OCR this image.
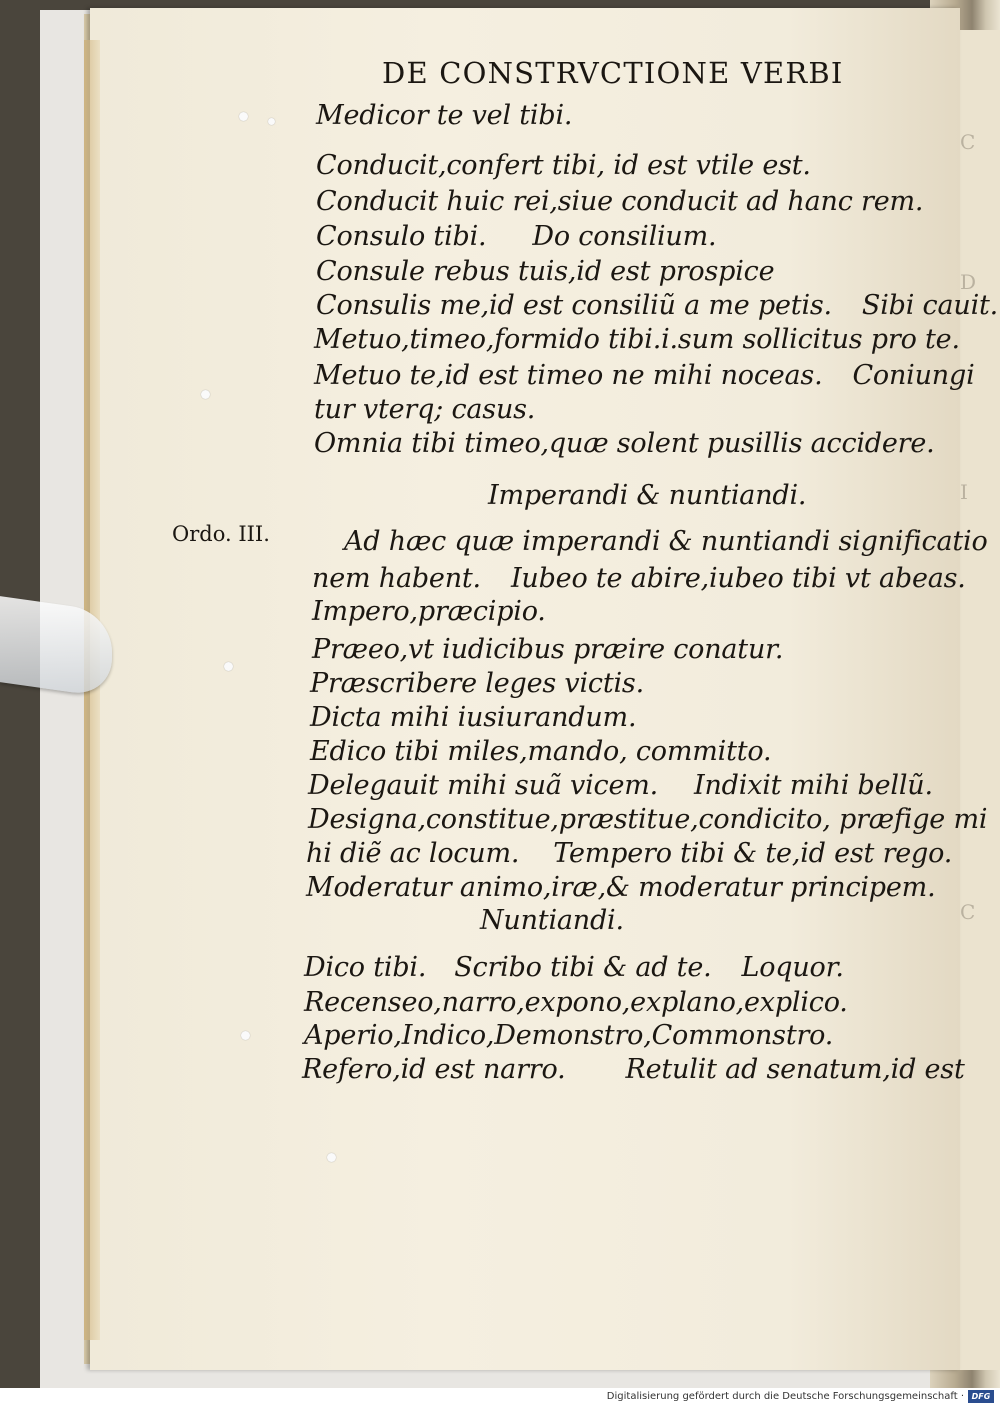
C
D
I
C
DE CONSTRVCTIONE VERBI
Medicor te vel tibi.
Conducit,confert tibi, id est vtile est.
Conducit huic rei,siue conducit ad hanc rem.
Consulo tibi. Do consilium.
Consule rebus tuis,id est prospice
Consulis me,id est consiliũ a me petis. Sibi cauit.
Metuo,timeo,formido tibi.i.sum sollicitus pro te.
Metuo te,id est timeo ne mihi noceas. Coniungi
tur vterq; casus.
Omnia tibi timeo,quæ solent pusillis accidere.
Imperandi & nuntiandi.
Ordo. III.	Ad hæc quæ imperandi & nuntiandi significatio
nem habent. Iubeo te abire,iubeo tibi vt abeas.
Impero,præcipio.
Præeo,vt iudicibus præire conatur.
Præscribere leges victis.
Dicta mihi iusiurandum.
Edico tibi miles,mando, committo.
Delegauit mihi suã vicem. Indixit mihi bellũ.
Designa,constitue,præstitue,condicito, præfige mi
hi diẽ ac locum. Tempero tibi & te,id est rego.
Moderatur animo,iræ,& moderatur principem.
Nuntiandi.
Dico tibi. Scribo tibi & ad te. Loquor.
Recenseo,narro,expono,explano,explico.
Aperio,Indico,Demonstro,Commonstro.
Refero,id est narro. Retulit ad senatum,id est
Digitalisierung gefördert durch die Deutsche Forschungsgemeinschaft · DFG
